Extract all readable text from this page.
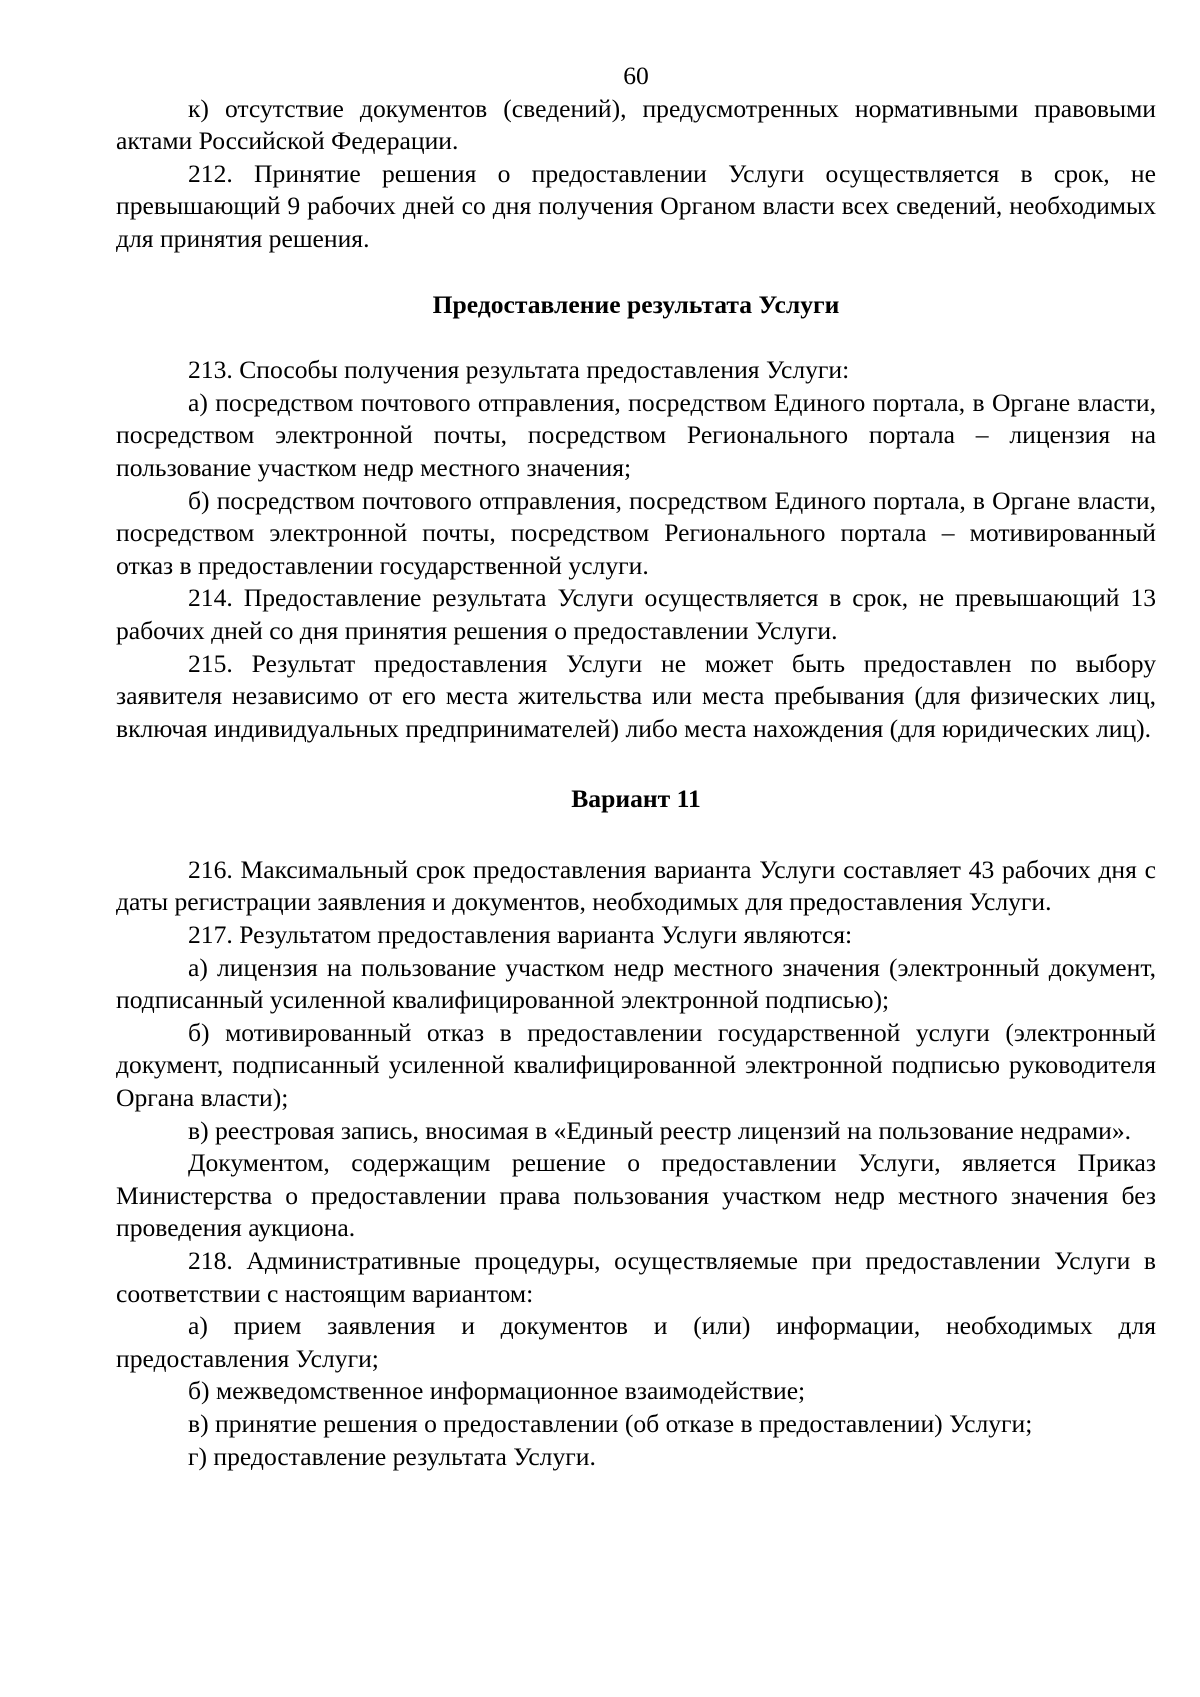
60

к) отсутствие документов (сведений), предусмотренных нормативными правовыми актами Российской Федерации.

212. Принятие решения о предоставлении Услуги осуществляется в срок, не превышающий 9 рабочих дней со дня получения Органом власти всех сведений, необходимых для принятия решения.

Предоставление результата Услуги

213. Способы получения результата предоставления Услуги:

а) посредством почтового отправления, посредством Единого портала, в Органе власти, посредством электронной почты, посредством Регионального портала – лицензия на пользование участком недр местного значения;

б) посредством почтового отправления, посредством Единого портала, в Органе власти, посредством электронной почты, посредством Регионального портала – мотивированный отказ в предоставлении государственной услуги.

214. Предоставление результата Услуги осуществляется в срок, не превышающий 13 рабочих дней со дня принятия решения о предоставлении Услуги.

215. Результат предоставления Услуги не может быть предоставлен по выбору заявителя независимо от его места жительства или места пребывания (для физических лиц, включая индивидуальных предпринимателей) либо места нахождения (для юридических лиц).

Вариант 11

216. Максимальный срок предоставления варианта Услуги составляет 43 рабочих дня с даты регистрации заявления и документов, необходимых для предоставления Услуги.

217. Результатом предоставления варианта Услуги являются:

а) лицензия на пользование участком недр местного значения (электронный документ, подписанный усиленной квалифицированной электронной подписью);

б) мотивированный отказ в предоставлении государственной услуги (электронный документ, подписанный усиленной квалифицированной электронной подписью руководителя Органа власти);

в) реестровая запись, вносимая в «Единый реестр лицензий на пользование недрами».

Документом, содержащим решение о предоставлении Услуги, является Приказ Министерства о предоставлении права пользования участком недр местного значения без проведения аукциона.

218. Административные процедуры, осуществляемые при предоставлении Услуги в соответствии с настоящим вариантом:

а) прием заявления и документов и (или) информации, необходимых для предоставления Услуги;

б) межведомственное информационное взаимодействие;

в) принятие решения о предоставлении (об отказе в предоставлении) Услуги;

г) предоставление результата Услуги.
